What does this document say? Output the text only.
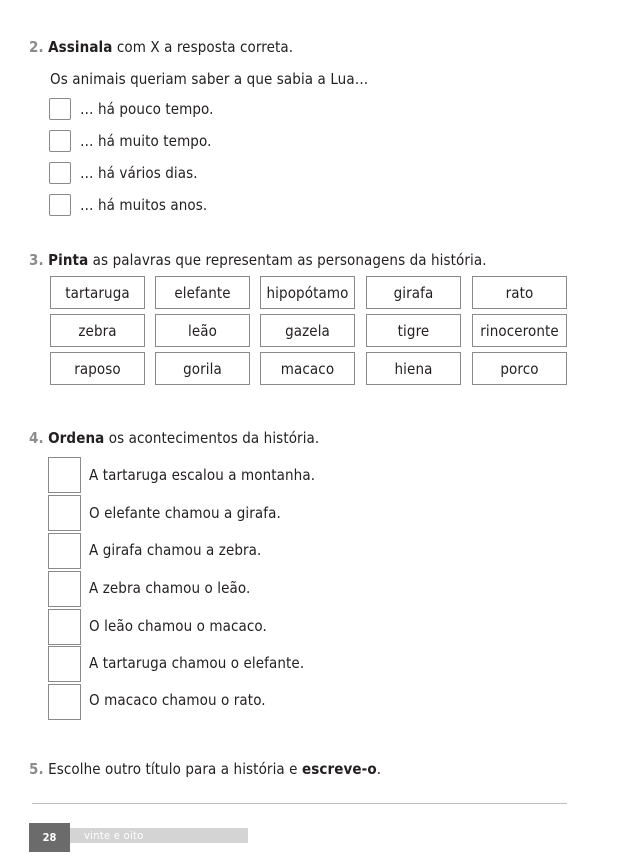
2. Assinala com X a resposta correta.
Os animais queriam saber a que sabia a Lua…
… há pouco tempo.
… há muito tempo.
… há vários dias.
… há muitos anos.
3. Pinta as palavras que representam as personagens da história.
tartaruga	elefante	hipopótamo	girafa	rato
zebra	leão	gazela	tigre	rinoceronte
raposo	gorila	macaco	hiena	porco
4. Ordena os acontecimentos da história.
A tartaruga escalou a montanha.
O elefante chamou a girafa.
A girafa chamou a zebra.
A zebra chamou o leão.
O leão chamou o macaco.
A tartaruga chamou o elefante.
O macaco chamou o rato.
5. Escolhe outro título para a história e escreve-o.
28	vinte e oito
